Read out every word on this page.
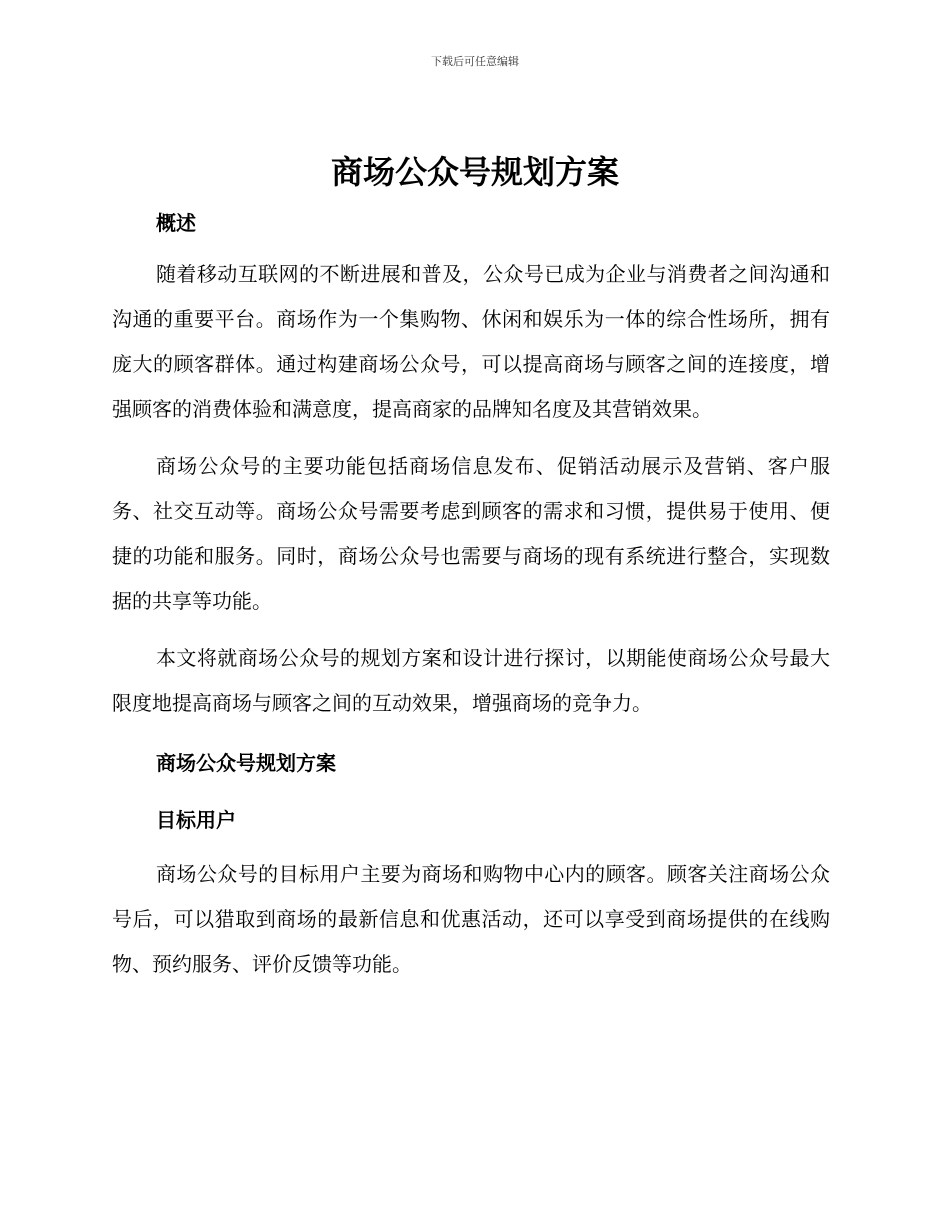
下载后可任意编辑
商场公众号规划方案
概述

随着移动互联网的不断进展和普及，公众号已成为企业与消费者之间沟通和沟通的重要平台。商场作为一个集购物、休闲和娱乐为一体的综合性场所，拥有庞大的顾客群体。通过构建商场公众号，可以提高商场与顾客之间的连接度，增强顾客的消费体验和满意度，提高商家的品牌知名度及其营销效果。

商场公众号的主要功能包括商场信息发布、促销活动展示及营销、客户服务、社交互动等。商场公众号需要考虑到顾客的需求和习惯，提供易于使用、便捷的功能和服务。同时，商场公众号也需要与商场的现有系统进行整合，实现数据的共享等功能。

本文将就商场公众号的规划方案和设计进行探讨，以期能使商场公众号最大限度地提高商场与顾客之间的互动效果，增强商场的竞争力。

商场公众号规划方案
目标用户

商场公众号的目标用户主要为商场和购物中心内的顾客。顾客关注商场公众号后，可以猎取到商场的最新信息和优惠活动，还可以享受到商场提供的在线购物、预约服务、评价反馈等功能。
